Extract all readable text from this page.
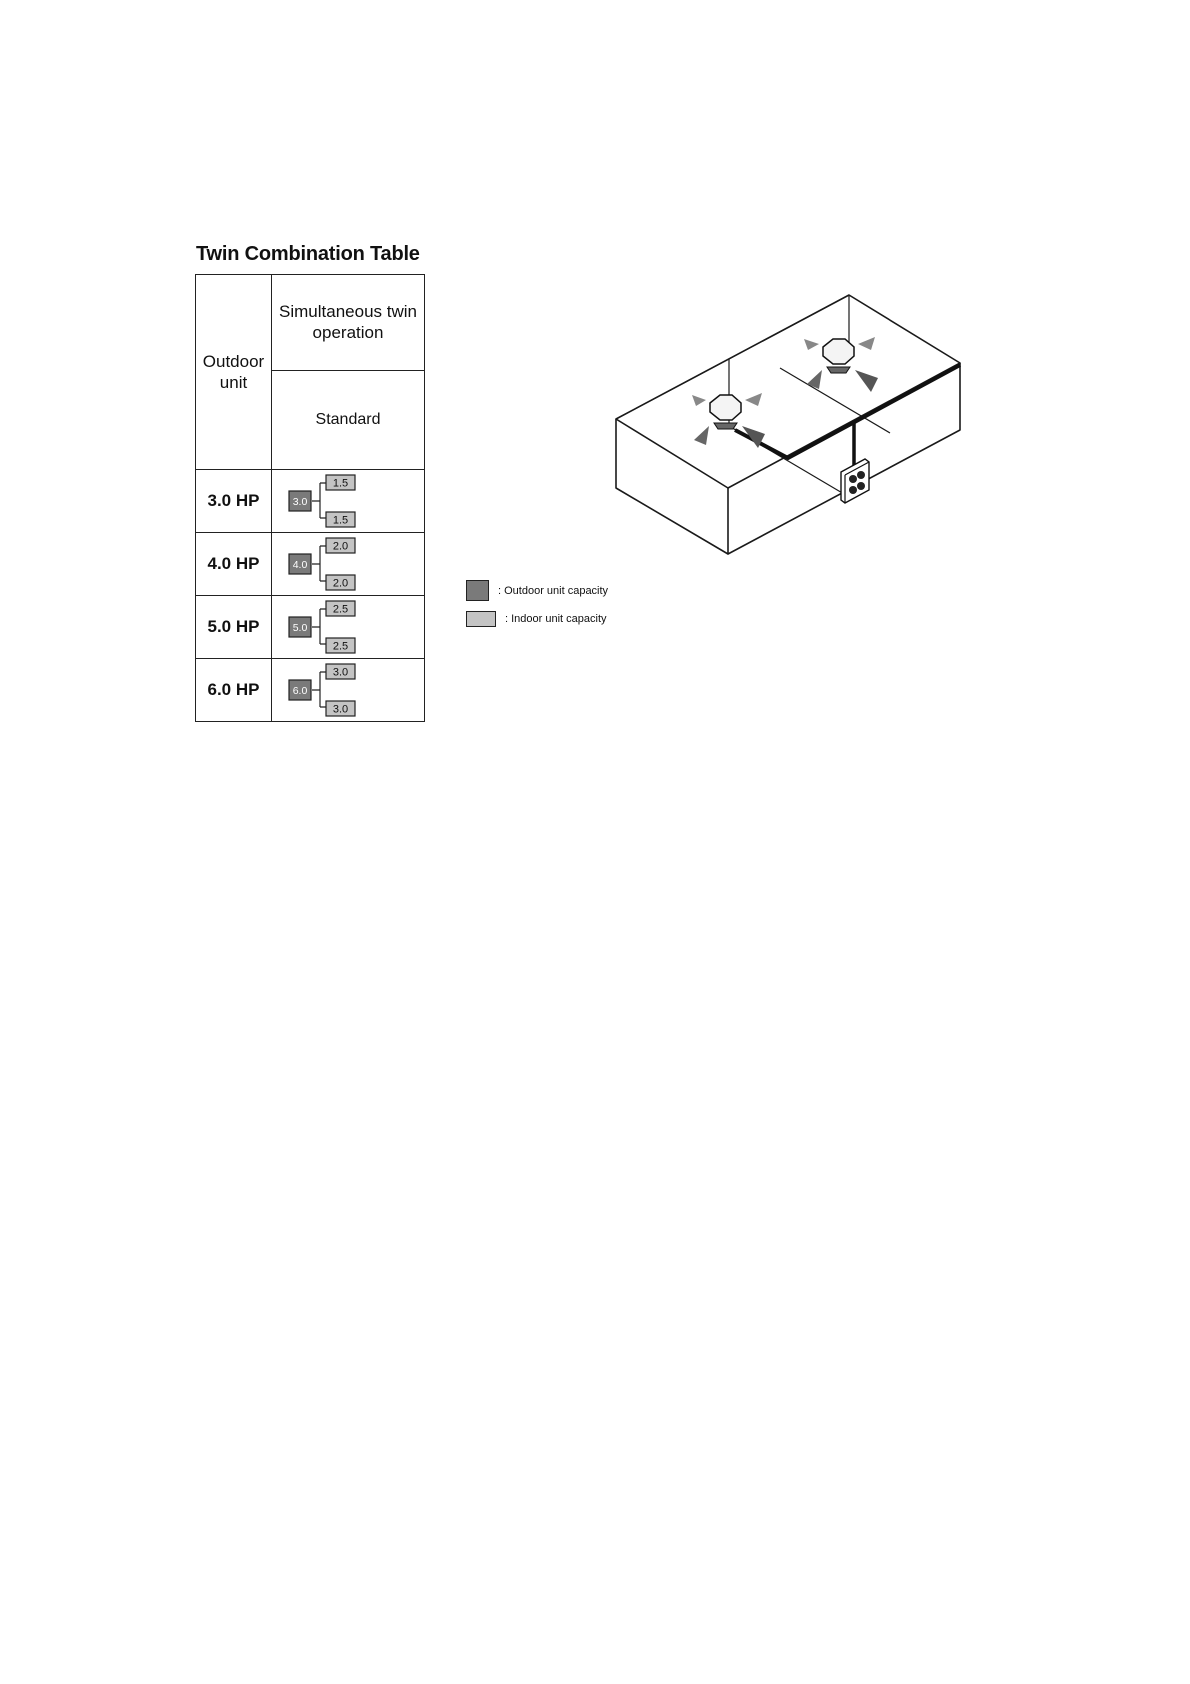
Twin Combination Table
Outdoor unit	Simultaneous twin operation
	Standard
3.0 HP	3.0
1.5
1.5

4.0 HP	4.0
2.0
2.0

5.0 HP	5.0
2.5
2.5

6.0 HP	6.0
3.0
3.0
: Outdoor unit capacity
: Indoor unit capacity
